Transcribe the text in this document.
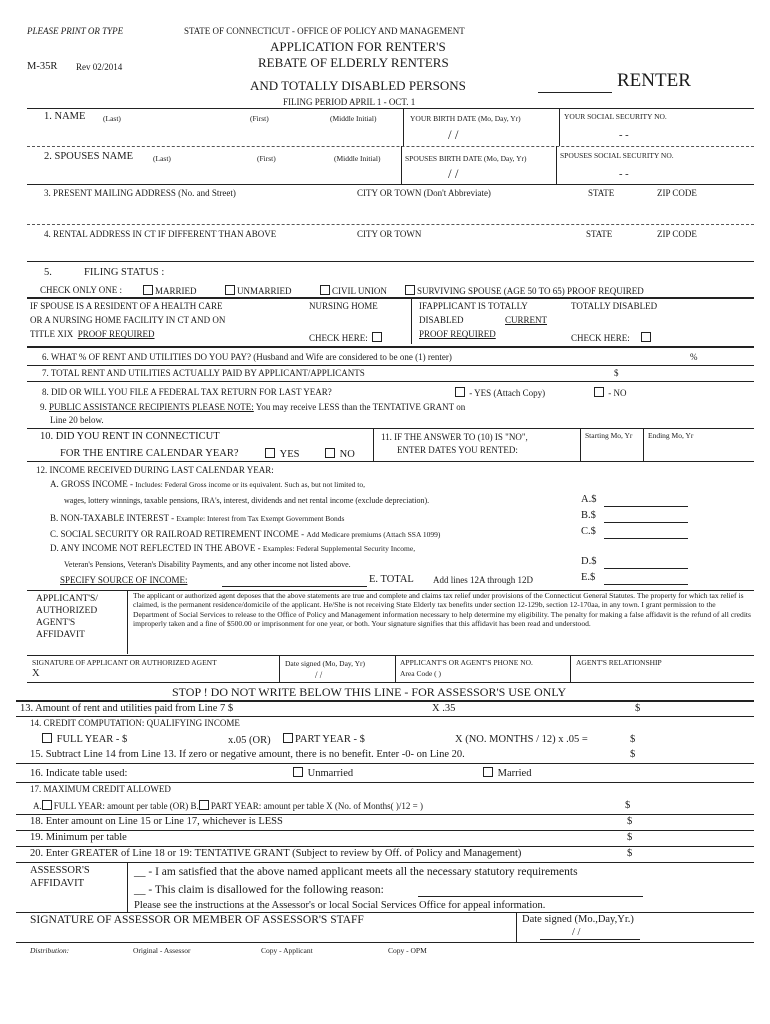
PLEASE PRINT OR TYPE	STATE OF CONNECTICUT - OFFICE OF POLICY AND MANAGEMENT
M-35R Rev 02/2014
APPLICATION FOR RENTER'S
REBATE OF ELDERLY RENTERS
AND TOTALLY DISABLED PERSONS	RENTER
FILING PERIOD APRIL 1 - OCT. 1
1. NAME (Last)	(First)	(Middle Initial)	YOUR BIRTH DATE (Mo, Day, Yr)	YOUR SOCIAL SECURITY NO.
/ /	- -
2. SPOUSES NAME	(Last)	(First)	(Middle Initial)	SPOUSES BIRTH DATE (Mo, Day, Yr)	SPOUSES SOCIAL SECURITY NO.
/ /	- -
3. PRESENT MAILING ADDRESS (No. and Street)	CITY OR TOWN (Don't Abbreviate)	STATE	ZIP CODE
4. RENTAL ADDRESS IN CT IF DIFFERENT THAN ABOVE	CITY OR TOWN	STATE	ZIP CODE
5.	FILING STATUS :
CHECK ONLY ONE :	MARRIED	UNMARRIED	CIVIL UNION	SURVIVING SPOUSE (AGE 50 TO 65) PROOF REQUIRED
IF SPOUSE IS A RESIDENT OF A HEALTH CARE
OR A NURSING HOME FACILITY IN CT AND ON
TITLE XIX PROOF REQUIRED
NURSING HOME
CHECK HERE:
IFAPPLICANT IS TOTALLY
DISABLED	CURRENT
PROOF REQUIRED
TOTALLY DISABLED
CHECK HERE:
6. WHAT % OF RENT AND UTILITIES DO YOU PAY? (Husband and Wife are considered to be one (1) renter)	%
7. TOTAL RENT AND UTILITIES ACTUALLY PAID BY APPLICANT/APPLICANTS	$
8. DID OR WILL YOU FILE A FEDERAL TAX RETURN FOR LAST YEAR?	- YES (Attach Copy)	- NO
9. PUBLIC ASSISTANCE RECIPIENTS PLEASE NOTE: You may receive LESS than the TENTATIVE GRANT on
Line 20 below.
10. DID YOU RENT IN CONNECTICUT
FOR THE ENTIRE CALENDAR YEAR?	YES	NO
11. IF THE ANSWER TO (10) IS "NO",
ENTER DATES YOU RENTED:
Starting Mo, Yr Ending Mo, Yr
12. INCOME RECEIVED DURING LAST CALENDAR YEAR:
A. GROSS INCOME - Includes: Federal Gross income or its equivalent. Such as, but not limited to,
wages, lottery winnings, taxable pensions, IRA's, interest, dividends and net rental income (exclude depreciation).
B. NON-TAXABLE INTEREST - Example: Interest from Tax Exempt Government Bonds
C. SOCIAL SECURITY OR RAILROAD RETIREMENT INCOME - Add Medicare premiums (Attach SSA 1099)
D. ANY INCOME NOT REFLECTED IN THE ABOVE - Examples: Federal Supplemental Security Income,
Veteran's Pensions, Veteran's Disability Payments, and any other income not listed above.
SPECIFY SOURCE OF INCOME:	E. TOTAL Add lines 12A through 12D
A.$
B.$
C.$
D.$
E.$
APPLICANT'S/
AUTHORIZED
AGENT'S
AFFIDAVIT
The applicant or authorized agent deposes that the above statements are true and complete and claims tax relief under provisions of the Connecticut General Statutes. The property for which tax relief is claimed, is the permanent residence/domicile of the applicant. He/She is not receiving State Elderly tax benefits under section 12-129b, section 12-170aa, in any town. I grant permission to the Department of Social Services to release to the Office of Policy and Management information necessary to help determine my eligibility. The penalty for making a false affidavit is the refund of all credits improperly taken and a fine of $500.00 or imprisonment for one year, or both. Your signature signifies that this affidavit has been read and understood.
SIGNATURE OF APPLICANT OR AUTHORIZED AGENT
X
Date signed (Mo, Day, Yr)
/ /
APPLICANT'S OR AGENT'S PHONE NO.
Area Code ( )
AGENT'S RELATIONSHIP
STOP ! DO NOT WRITE BELOW THIS LINE - FOR ASSESSOR'S USE ONLY
13. Amount of rent and utilities paid from Line 7 $	X .35	$
14. CREDIT COMPUTATION: QUALIFYING INCOME
FULL YEAR - $	x.05 (OR)	PART YEAR - $	X (NO. MONTHS / 12) x .05 =	$
15. Subtract Line 14 from Line 13. If zero or negative amount, there is no benefit. Enter -0- on Line 20.	$
16. Indicate table used:	Unmarried	Married
17. MAXIMUM CREDIT ALLOWED
A. FULL YEAR: amount per table (OR) B. PART YEAR: amount per table X (No. of Months( )/12 = )	$
18. Enter amount on Line 15 or Line 17, whichever is LESS	$
19. Minimum per table	$
20. Enter GREATER of Line 18 or 19: TENTATIVE GRANT (Subject to review by Off. of Policy and Management)	$
ASSESSOR'S
AFFIDAVIT
__ - I am satisfied that the above named applicant meets all the necessary statutory requirements
__ - This claim is disallowed for the following reason:
Please see the instructions at the Assessor's or local Social Services Office for appeal information.
SIGNATURE OF ASSESSOR OR MEMBER OF ASSESSOR'S STAFF	Date signed (Mo.,Day,Yr.)
/ /
Distribution:	Original - Assessor	Copy - Applicant	Copy - OPM
